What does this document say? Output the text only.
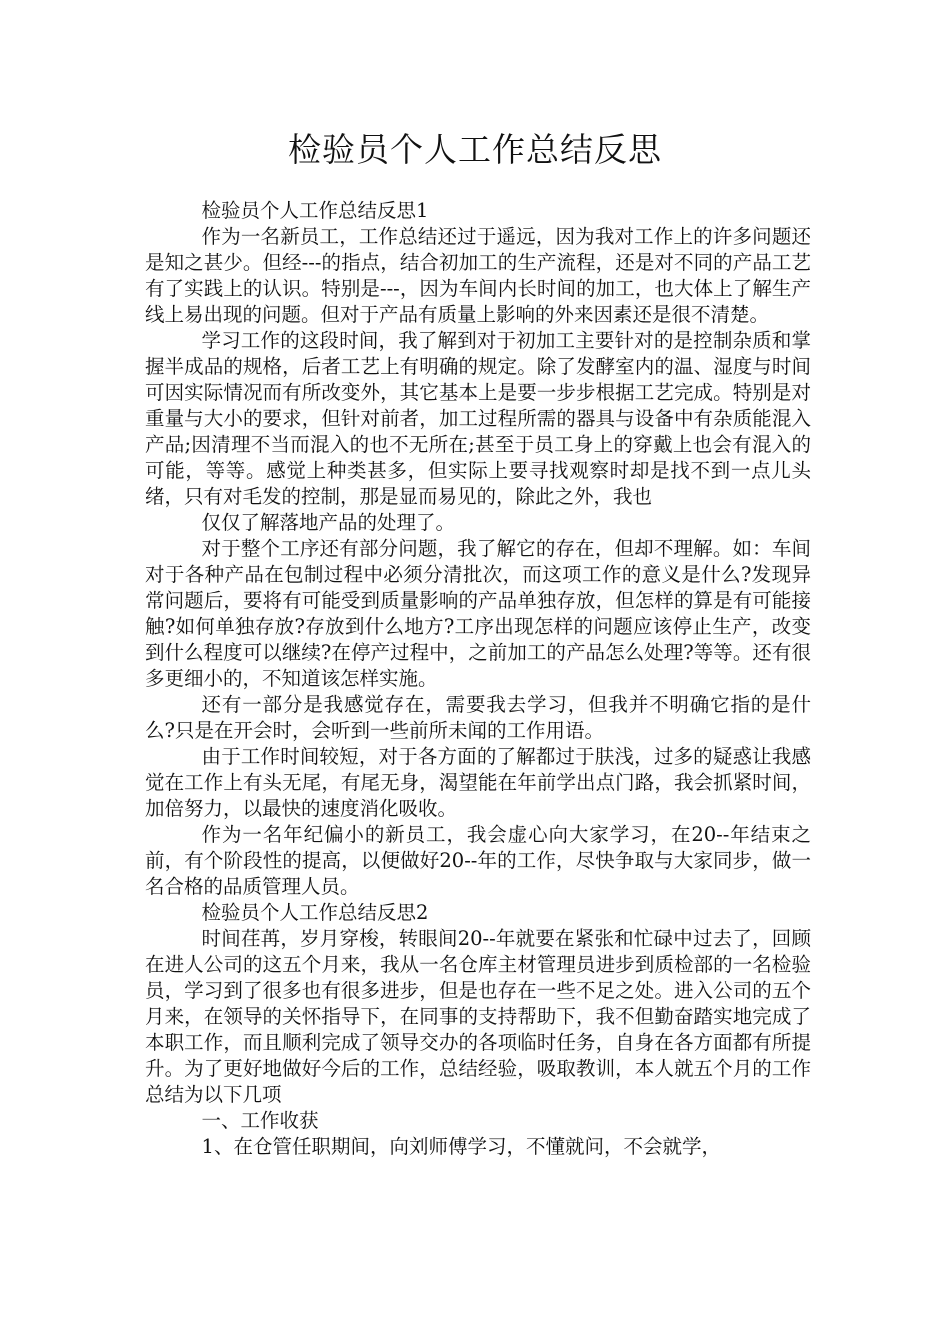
检验员个人工作总结反思

检验员个人工作总结反思1

作为一名新员工，工作总结还过于遥远，因为我对工作上的许多问题还是知之甚少。但经---的指点，结合初加工的生产流程，还是对不同的产品工艺有了实践上的认识。特别是---，因为车间内长时间的加工，也大体上了解生产线上易出现的问题。但对于产品有质量上影响的外来因素还是很不清楚。

学习工作的这段时间，我了解到对于初加工主要针对的是控制杂质和掌握半成品的规格，后者工艺上有明确的规定。除了发酵室内的温、湿度与时间可因实际情况而有所改变外，其它基本上是要一步步根据工艺完成。特别是对重量与大小的要求，但针对前者，加工过程所需的器具与设备中有杂质能混入产品;因清理不当而混入的也不无所在;甚至于员工身上的穿戴上也会有混入的可能，等等。感觉上种类甚多，但实际上要寻找观察时却是找不到一点儿头绪，只有对毛发的控制，那是显而易见的，除此之外，我也

仅仅了解落地产品的处理了。

对于整个工序还有部分问题，我了解它的存在，但却不理解。如：车间对于各种产品在包制过程中必须分清批次，而这项工作的意义是什么?发现异常问题后，要将有可能受到质量影响的产品单独存放，但怎样的算是有可能接触?如何单独存放?存放到什么地方?工序出现怎样的问题应该停止生产，改变到什么程度可以继续?在停产过程中，之前加工的产品怎么处理?等等。还有很多更细小的，不知道该怎样实施。

还有一部分是我感觉存在，需要我去学习，但我并不明确它指的是什么?只是在开会时，会听到一些前所未闻的工作用语。

由于工作时间较短，对于各方面的了解都过于肤浅，过多的疑惑让我感觉在工作上有头无尾，有尾无身，渴望能在年前学出点门路，我会抓紧时间，加倍努力，以最快的速度消化吸收。

作为一名年纪偏小的新员工，我会虚心向大家学习，在20--年结束之前，有个阶段性的提高，以便做好20--年的工作，尽快争取与大家同步，做一名合格的品质管理人员。

检验员个人工作总结反思2

时间荏苒，岁月穿梭，转眼间20--年就要在紧张和忙碌中过去了，回顾在进人公司的这五个月来，我从一名仓库主材管理员进步到质检部的一名检验员，学习到了很多也有很多进步，但是也存在一些不足之处。进入公司的五个月来，在领导的关怀指导下，在同事的支持帮助下，我不但勤奋踏实地完成了本职工作，而且顺利完成了领导交办的各项临时任务，自身在各方面都有所提升。为了更好地做好今后的工作，总结经验，吸取教训，本人就五个月的工作总结为以下几项

一、工作收获

1、在仓管任职期间，向刘师傅学习，不懂就问，不会就学，
